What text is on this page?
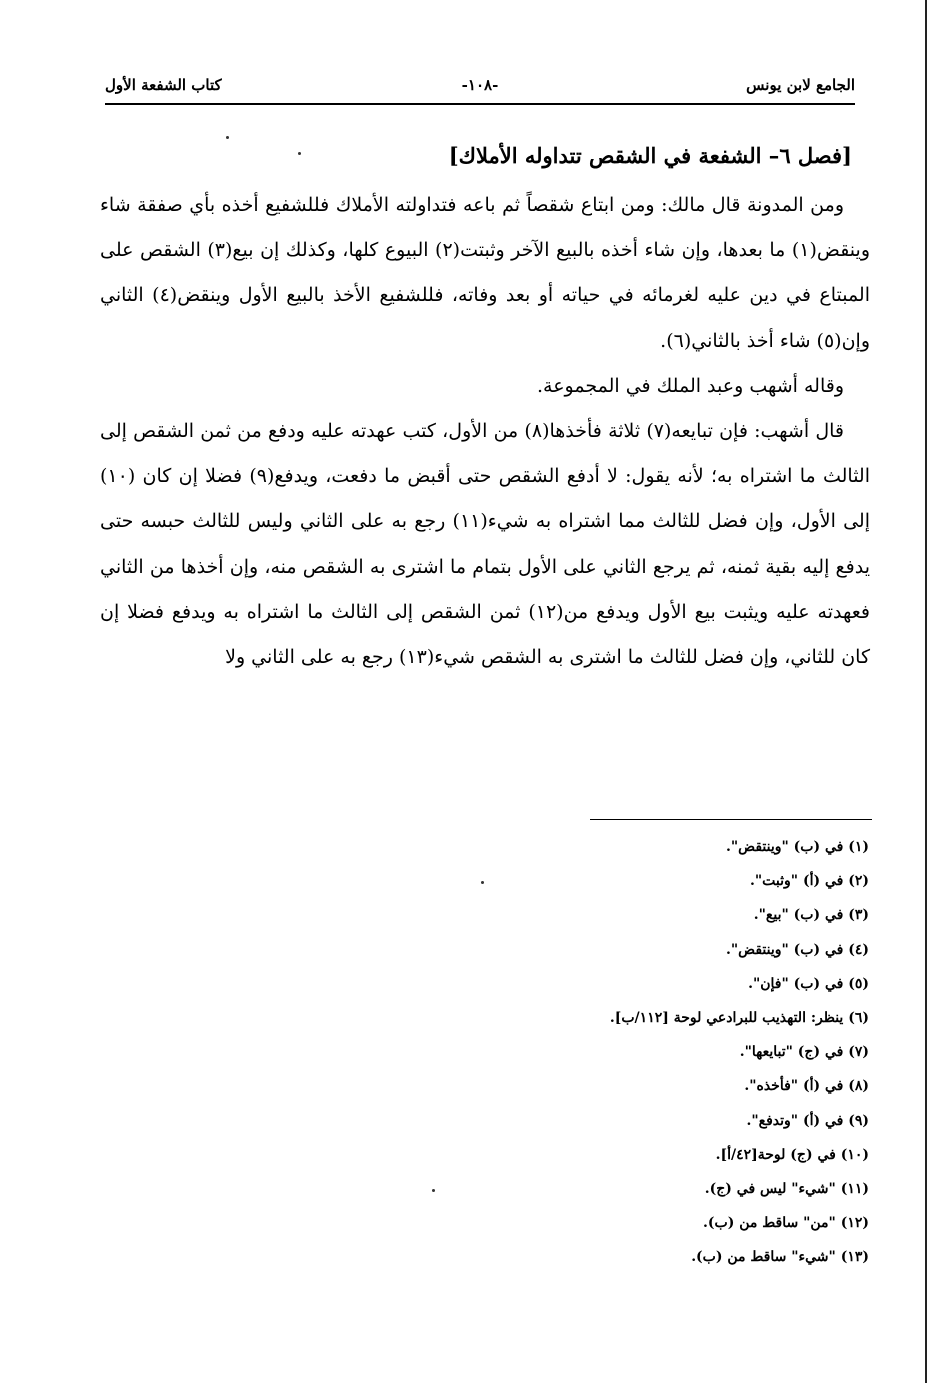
الجامع لابن يونس
-١٠٨-
كتاب الشفعة الأول
[فصل ٦– الشفعة في الشقص تتداوله الأملاك]

ومن المدونة قال مالك: ومن ابتاع شقصاً ثم باعه فتداولته الأملاك فللشفيع أخذه بأي صفقة شاء وينقض(١) ما بعدها، وإن شاء أخذه بالبيع الآخر وثبتت(٢) البيوع كلها، وكذلك إن بيع(٣) الشقص على المبتاع في دين عليه لغرمائه في حياته أو بعد وفاته، فللشفيع الأخذ بالبيع الأول وينقض(٤) الثاني وإن(٥) شاء أخذ بالثاني(٦).

وقاله أشهب وعبد الملك في المجموعة.

قال أشهب: فإن تبايعه(٧) ثلاثة فأخذها(٨) من الأول، كتب عهدته عليه ودفع من ثمن الشقص إلى الثالث ما اشتراه به؛ لأنه يقول: لا أدفع الشقص حتى أقبض ما دفعت، ويدفع(٩) فضلا إن كان (١٠) إلى الأول، وإن فضل للثالث مما اشتراه به شيء(١١) رجع به على الثاني وليس للثالث حبسه حتى يدفع إليه بقية ثمنه، ثم يرجع الثاني على الأول بتمام ما اشترى به الشقص منه، وإن أخذها من الثاني فعهدته عليه ويثبت بيع الأول ويدفع من(١٢) ثمن الشقص إلى الثالث ما اشتراه به ويدفع فضلا إن كان للثاني، وإن فضل للثالث ما اشترى به الشقص شيء(١٣) رجع به على الثاني ولا

(١) في (ب) "وينتقض".
(٢) في (أ) "وثبت".
(٣) في (ب) "بيع".
(٤) في (ب) "وينتقض".
(٥) في (ب) "فإن".
(٦) ينظر: التهذيب للبرادعي لوحة [١١٢/ب].
(٧) في (ج) "تبايعها".
(٨) في (أ) "فأخذه".
(٩) في (أ) "وتدفع".
(١٠) في (ج) لوحة[٤٢/أ].
(١١) "شيء" ليس في (ج).
(١٢) "من" ساقط من (ب).
(١٣) "شيء" ساقط من (ب).
